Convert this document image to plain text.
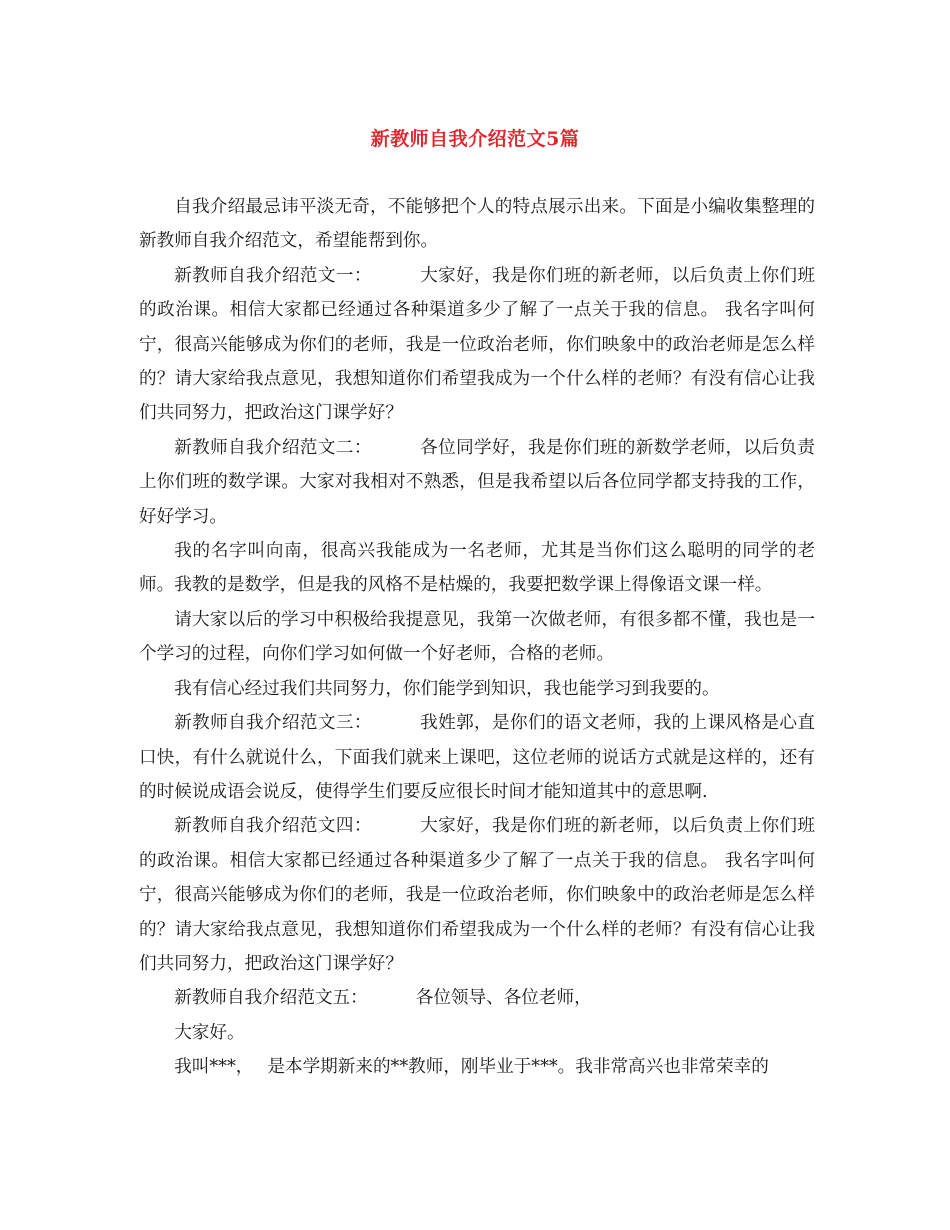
新教师自我介绍范文5篇

自我介绍最忌讳平淡无奇，不能够把个人的特点展示出来。下面是小编收集整理的新教师自我介绍范文，希望能帮到你。

新教师自我介绍范文一：	大家好，我是你们班的新老师，以后负责上你们班的政治课。相信大家都已经通过各种渠道多少了解了一点关于我的信息。 我名字叫何宁，很高兴能够成为你们的老师，我是一位政治老师，你们映象中的政治老师是怎么样的？请大家给我点意见，我想知道你们希望我成为一个什么样的老师？有没有信心让我们共同努力，把政治这门课学好？

新教师自我介绍范文二：	各位同学好，我是你们班的新数学老师，以后负责上你们班的数学课。大家对我相对不熟悉，但是我希望以后各位同学都支持我的工作，好好学习。

我的名字叫向南，很高兴我能成为一名老师，尤其是当你们这么聪明的同学的老师。我教的是数学，但是我的风格不是枯燥的，我要把数学课上得像语文课一样。

请大家以后的学习中积极给我提意见，我第一次做老师，有很多都不懂，我也是一个学习的过程，向你们学习如何做一个好老师，合格的老师。

我有信心经过我们共同努力，你们能学到知识，我也能学习到我要的。

新教师自我介绍范文三：	我姓郭，是你们的语文老师，我的上课风格是心直口快，有什么就说什么，下面我们就来上课吧，这位老师的说话方式就是这样的，还有的时候说成语会说反，使得学生们要反应很长时间才能知道其中的意思啊.

新教师自我介绍范文四：	大家好，我是你们班的新老师，以后负责上你们班的政治课。相信大家都已经通过各种渠道多少了解了一点关于我的信息。 我名字叫何宁，很高兴能够成为你们的老师，我是一位政治老师，你们映象中的政治老师是怎么样的？请大家给我点意见，我想知道你们希望我成为一个什么样的老师？有没有信心让我们共同努力，把政治这门课学好？

新教师自我介绍范文五：	各位领导、各位老师，

大家好。

我叫***， 是本学期新来的**教师，刚毕业于***。我非常高兴也非常荣幸的
